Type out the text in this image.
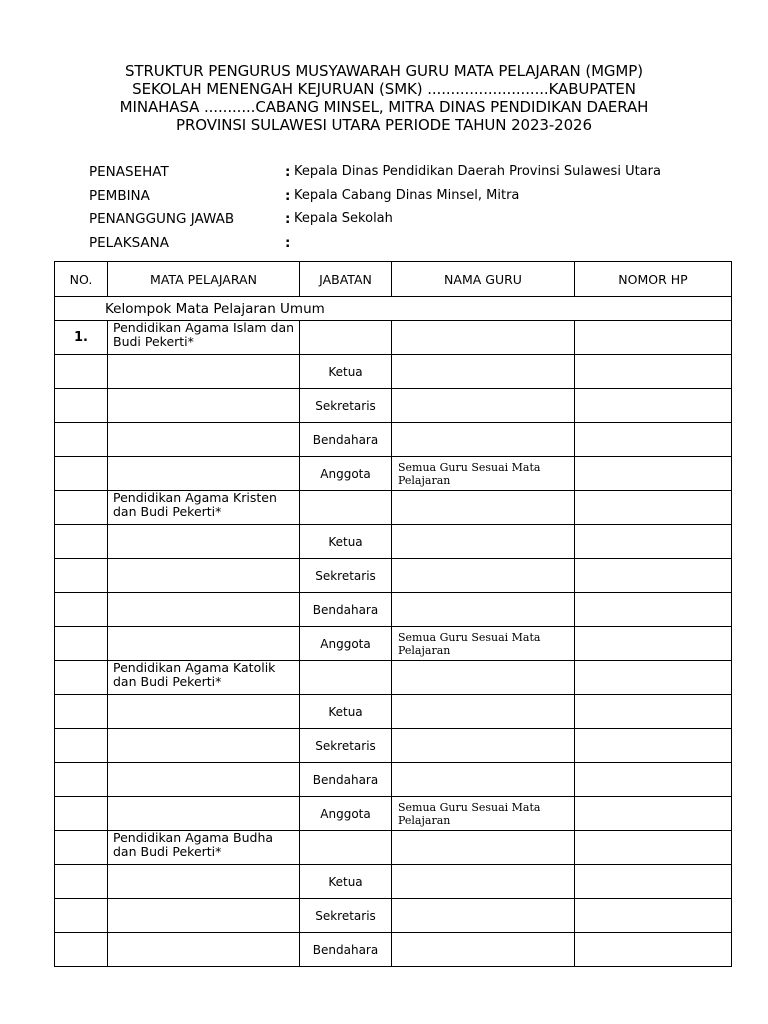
STRUKTUR PENGURUS MUSYAWARAH GURU MATA PELAJARAN (MGMP)
SEKOLAH MENENGAH KEJURUAN (SMK) ..........................KABUPATEN
MINAHASA ...........CABANG MINSEL, MITRA DINAS PENDIDIKAN DAERAH
PROVINSI SULAWESI UTARA PERIODE TAHUN 2023-2026
PENASEHAT	: Kepala Dinas Pendidikan Daerah Provinsi Sulawesi Utara
PEMBINA	: Kepala Cabang Dinas Minsel, Mitra
PENANGGUNG JAWAB	: Kepala Sekolah
PELAKSANA	:
NO.	MATA PELAJARAN	JABATAN	NAMA GURU	NOMOR HP
Kelompok Mata Pelajaran Umum				
1.	Pendidikan Agama Islam dan Budi Pekerti*			
		Ketua		
		Sekretaris		
		Bendahara		
		Anggota	Semua Guru Sesuai Mata Pelajaran	
	Pendidikan Agama Kristen dan Budi Pekerti*			
		Ketua		
		Sekretaris		
		Bendahara		
		Anggota	Semua Guru Sesuai Mata Pelajaran	
	Pendidikan Agama Katolik dan Budi Pekerti*			
		Ketua		
		Sekretaris		
		Bendahara		
		Anggota	Semua Guru Sesuai Mata Pelajaran	
	Pendidikan Agama Budha dan Budi Pekerti*			
		Ketua		
		Sekretaris		
		Bendahara		
